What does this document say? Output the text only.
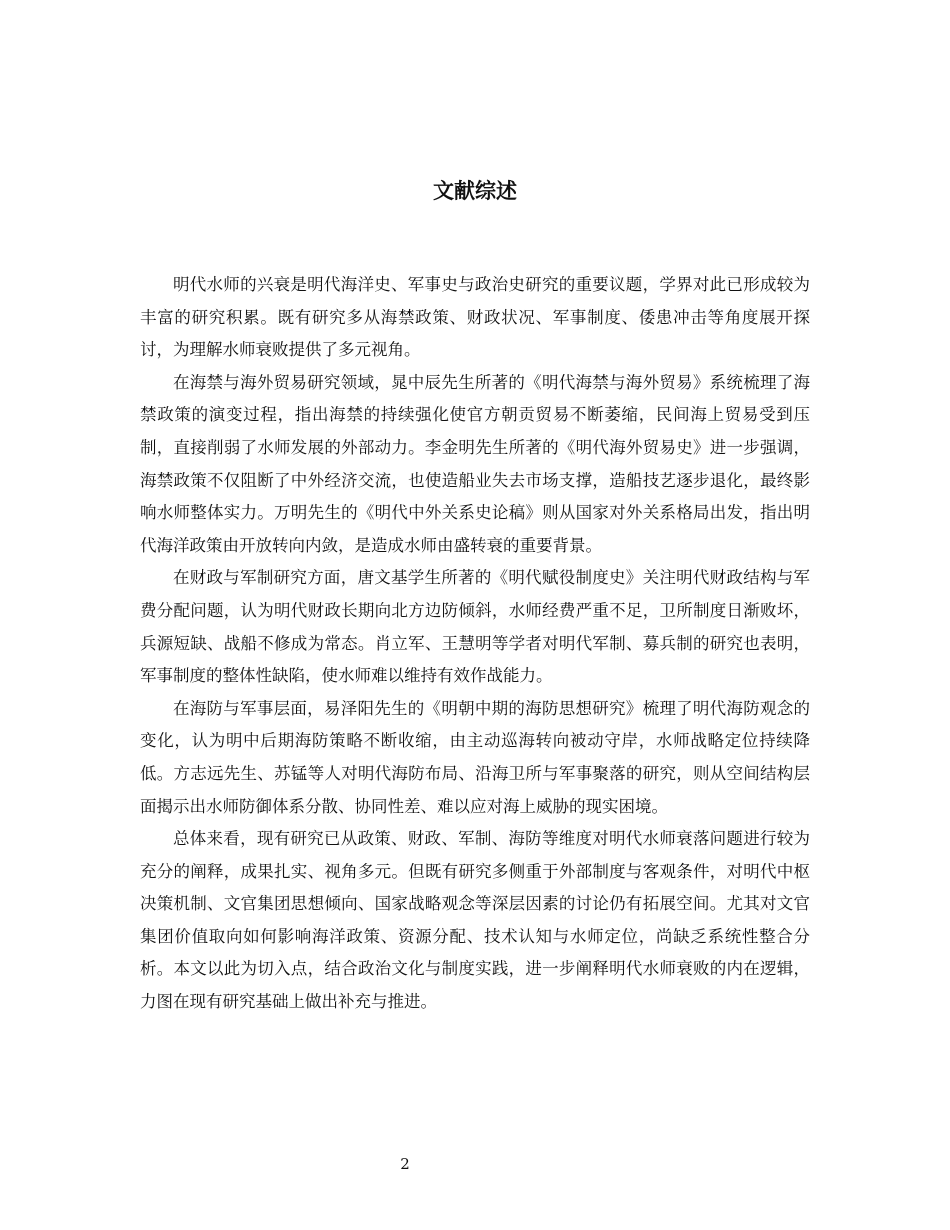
文献综述

明代水师的兴衰是明代海洋史、军事史与政治史研究的重要议题，学界对此已形成较为丰富的研究积累。既有研究多从海禁政策、财政状况、军事制度、倭患冲击等角度展开探讨，为理解水师衰败提供了多元视角。

在海禁与海外贸易研究领域，晁中辰先生所著的《明代海禁与海外贸易》系统梳理了海禁政策的演变过程，指出海禁的持续强化使官方朝贡贸易不断萎缩，民间海上贸易受到压制，直接削弱了水师发展的外部动力。李金明先生所著的《明代海外贸易史》进一步强调，海禁政策不仅阻断了中外经济交流，也使造船业失去市场支撑，造船技艺逐步退化，最终影响水师整体实力。万明先生的《明代中外关系史论稿》则从国家对外关系格局出发，指出明代海洋政策由开放转向内敛，是造成水师由盛转衰的重要背景。

在财政与军制研究方面，唐文基学生所著的《明代赋役制度史》关注明代财政结构与军费分配问题，认为明代财政长期向北方边防倾斜，水师经费严重不足，卫所制度日渐败坏，兵源短缺、战船不修成为常态。肖立军、王慧明等学者对明代军制、募兵制的研究也表明，军事制度的整体性缺陷，使水师难以维持有效作战能力。

在海防与军事层面，易泽阳先生的《明朝中期的海防思想研究》梳理了明代海防观念的变化，认为明中后期海防策略不断收缩，由主动巡海转向被动守岸，水师战略定位持续降低。方志远先生、苏锰等人对明代海防布局、沿海卫所与军事聚落的研究，则从空间结构层面揭示出水师防御体系分散、协同性差、难以应对海上威胁的现实困境。

总体来看，现有研究已从政策、财政、军制、海防等维度对明代水师衰落问题进行较为充分的阐释，成果扎实、视角多元。但既有研究多侧重于外部制度与客观条件，对明代中枢决策机制、文官集团思想倾向、国家战略观念等深层因素的讨论仍有拓展空间。尤其对文官集团价值取向如何影响海洋政策、资源分配、技术认知与水师定位，尚缺乏系统性整合分析。本文以此为切入点，结合政治文化与制度实践，进一步阐释明代水师衰败的内在逻辑，力图在现有研究基础上做出补充与推进。

2
